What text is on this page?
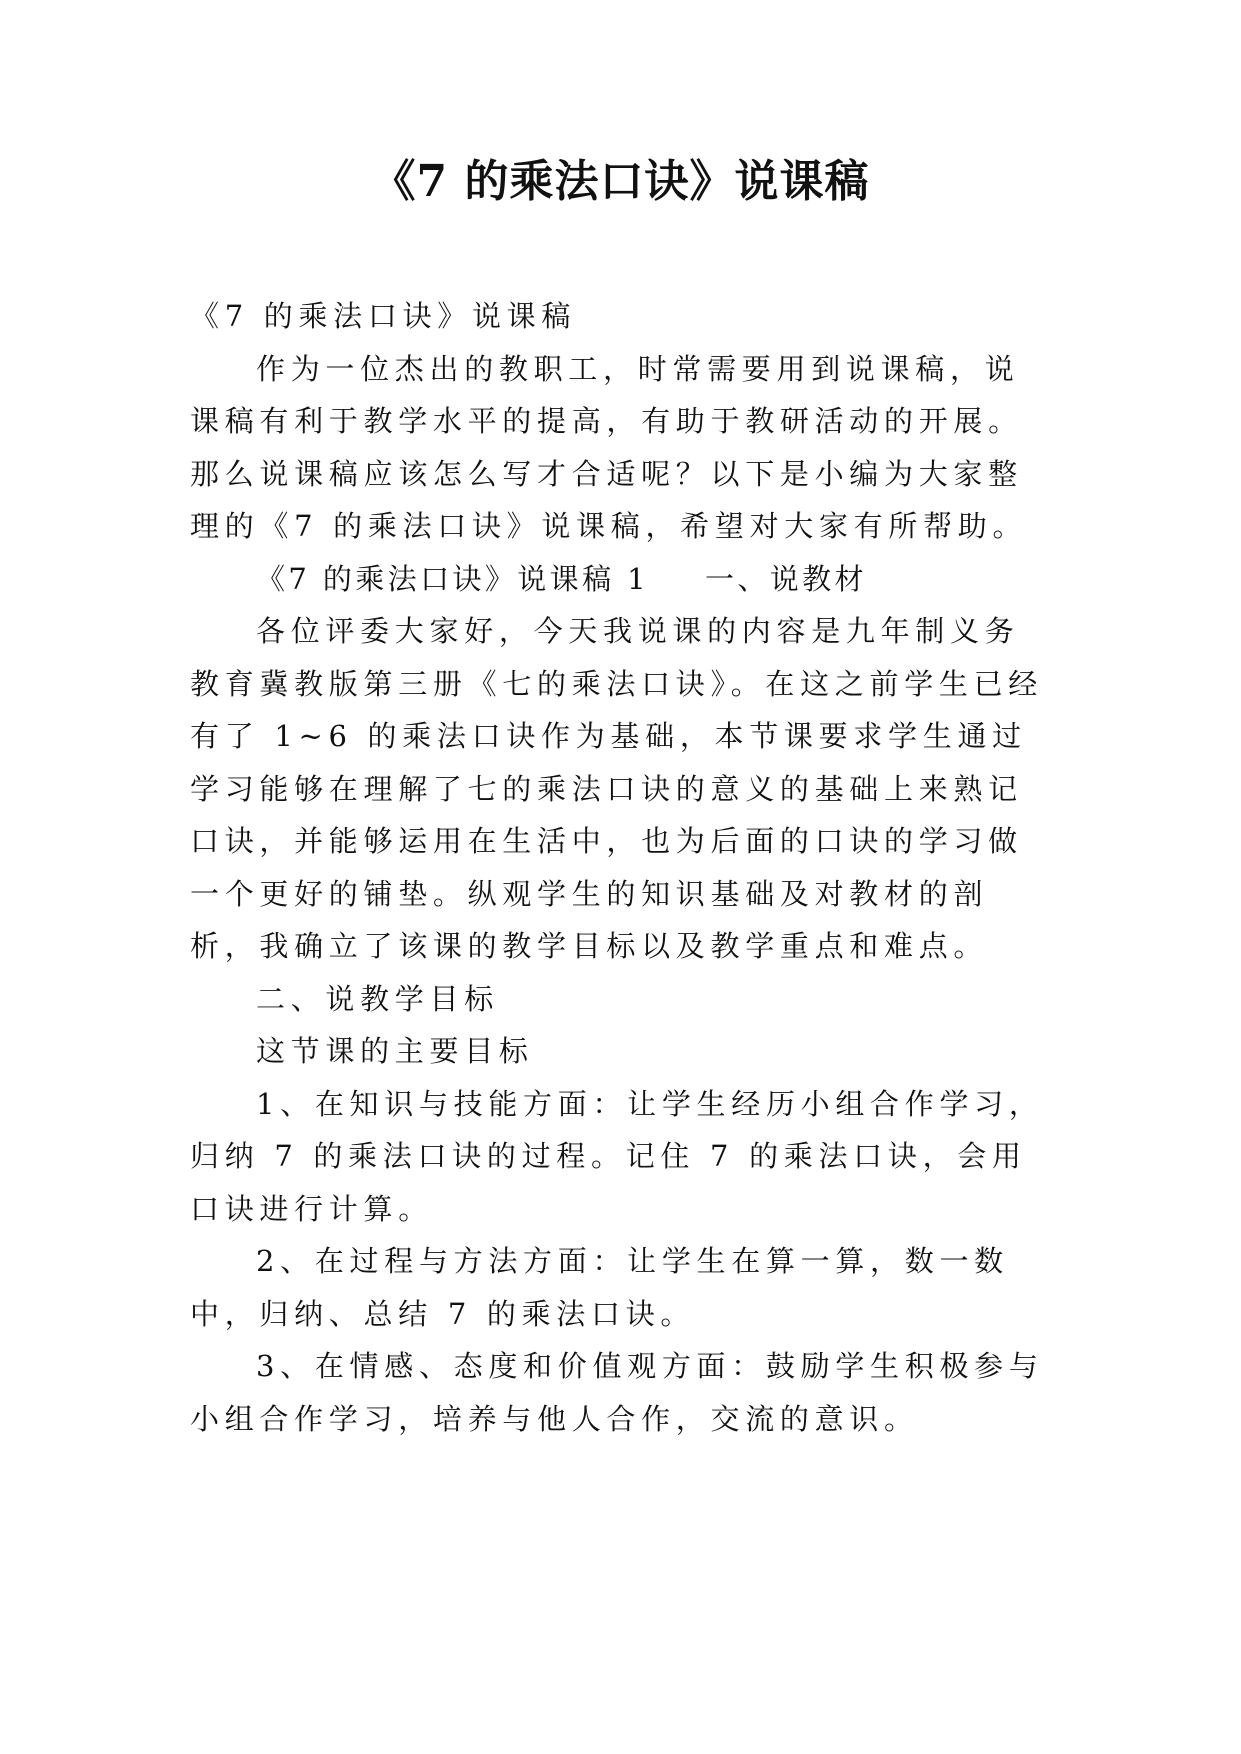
《7 的乘法口诀》说课稿

《7 的乘法口诀》说课稿

作为一位杰出的教职工，时常需要用到说课稿，说课稿有利于教学水平的提高，有助于教研活动的开展。那么说课稿应该怎么写才合适呢？以下是小编为大家整理的《7 的乘法口诀》说课稿，希望对大家有所帮助。

《7 的乘法口诀》说课稿 1 一、说教材

各位评委大家好，今天我说课的内容是九年制义务教育冀教版第三册《七的乘法口诀》。在这之前学生已经有了 1~6 的乘法口诀作为基础，本节课要求学生通过学习能够在理解了七的乘法口诀的意义的基础上来熟记口诀，并能够运用在生活中，也为后面的口诀的学习做一个更好的铺垫。纵观学生的知识基础及对教材的剖析，我确立了该课的教学目标以及教学重点和难点。

二、说教学目标

这节课的主要目标

1、在知识与技能方面：让学生经历小组合作学习，归纳 7 的乘法口诀的过程。记住 7 的乘法口诀，会用口诀进行计算。

2、在过程与方法方面：让学生在算一算，数一数中，归纳、总结 7 的乘法口诀。

3、在情感、态度和价值观方面：鼓励学生积极参与小组合作学习，培养与他人合作，交流的意识。
